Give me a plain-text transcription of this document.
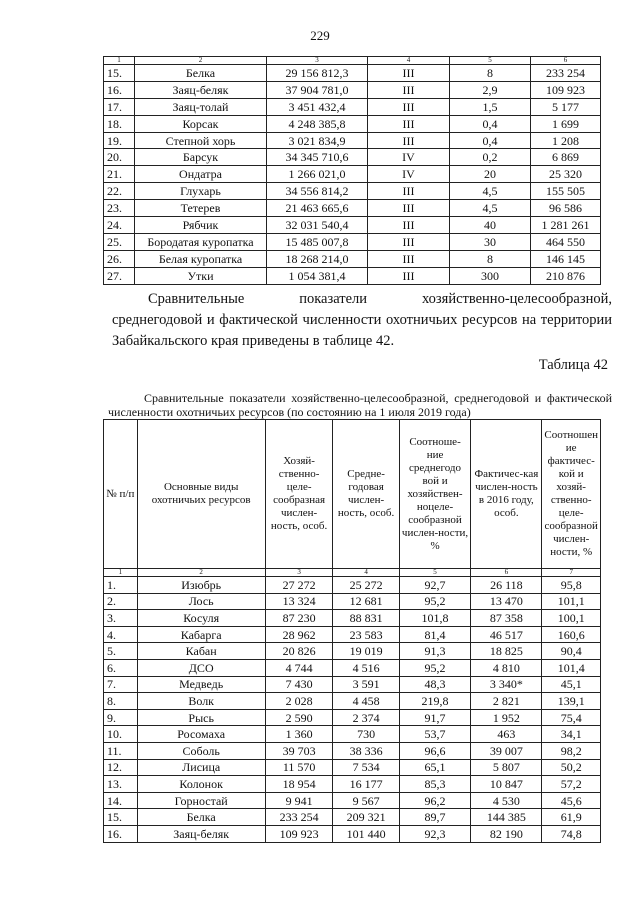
229
1	2	3	4	5	6
15.	Белка	29 156 812,3	III	8	233 254
16.	Заяц-беляк	37 904 781,0	III	2,9	109 923
17.	Заяц-толай	3 451 432,4	III	1,5	5 177
18.	Корсак	4 248 385,8	III	0,4	1 699
19.	Степной хорь	3 021 834,9	III	0,4	1 208
20.	Барсук	34 345 710,6	IV	0,2	6 869
21.	Ондатра	1 266 021,0	IV	20	25 320
22.	Глухарь	34 556 814,2	III	4,5	155 505
23.	Тетерев	21 463 665,6	III	4,5	96 586
24.	Рябчик	32 031 540,4	III	40	1 281 261
25.	Бородатая куропатка	15 485 007,8	III	30	464 550
26.	Белая куропатка	18 268 214,0	III	8	146 145
27.	Утки	1 054 381,4	III	300	210 876
Сравнительные показатели хозяйственно-целесообразной,
среднегодовой и фактической численности охотничьих ресурсов на территории Забайкальского края приведены в таблице 42.
Таблица 42
Сравнительные показатели хозяйственно-целесообразной, среднегодовой и фактической численности охотничьих ресурсов (по состоянию на 1 июля 2019 года)
№ п/п	Основные виды охотничьих ресурсов	Хозяй-ственно-целе-сообразная числен-ность, особ.	Средне-годовая числен-ность, особ.	Соотноше-ние среднегодо вой и хозяйствен-ноцеле-сообразной числен-ности, %	Фактичес-кая числен-ность в 2016 году, особ.	Соотношен ие фактичес-кой и хозяй-ственно-целе-сообразной числен-ности, %
1	2	3	4	5	6	7
1.	Изюбрь	27 272	25 272	92,7	26 118	95,8
2.	Лось	13 324	12 681	95,2	13 470	101,1
3.	Косуля	87 230	88 831	101,8	87 358	100,1
4.	Кабарга	28 962	23 583	81,4	46 517	160,6
5.	Кабан	20 826	19 019	91,3	18 825	90,4
6.	ДСО	4 744	4 516	95,2	4 810	101,4
7.	Медведь	7 430	3 591	48,3	3 340*	45,1
8.	Волк	2 028	4 458	219,8	2 821	139,1
9.	Рысь	2 590	2 374	91,7	1 952	75,4
10.	Росомаха	1 360	730	53,7	463	34,1
11.	Соболь	39 703	38 336	96,6	39 007	98,2
12.	Лисица	11 570	7 534	65,1	5 807	50,2
13.	Колонок	18 954	16 177	85,3	10 847	57,2
14.	Горностай	9 941	9 567	96,2	4 530	45,6
15.	Белка	233 254	209 321	89,7	144 385	61,9
16.	Заяц-беляк	109 923	101 440	92,3	82 190	74,8
